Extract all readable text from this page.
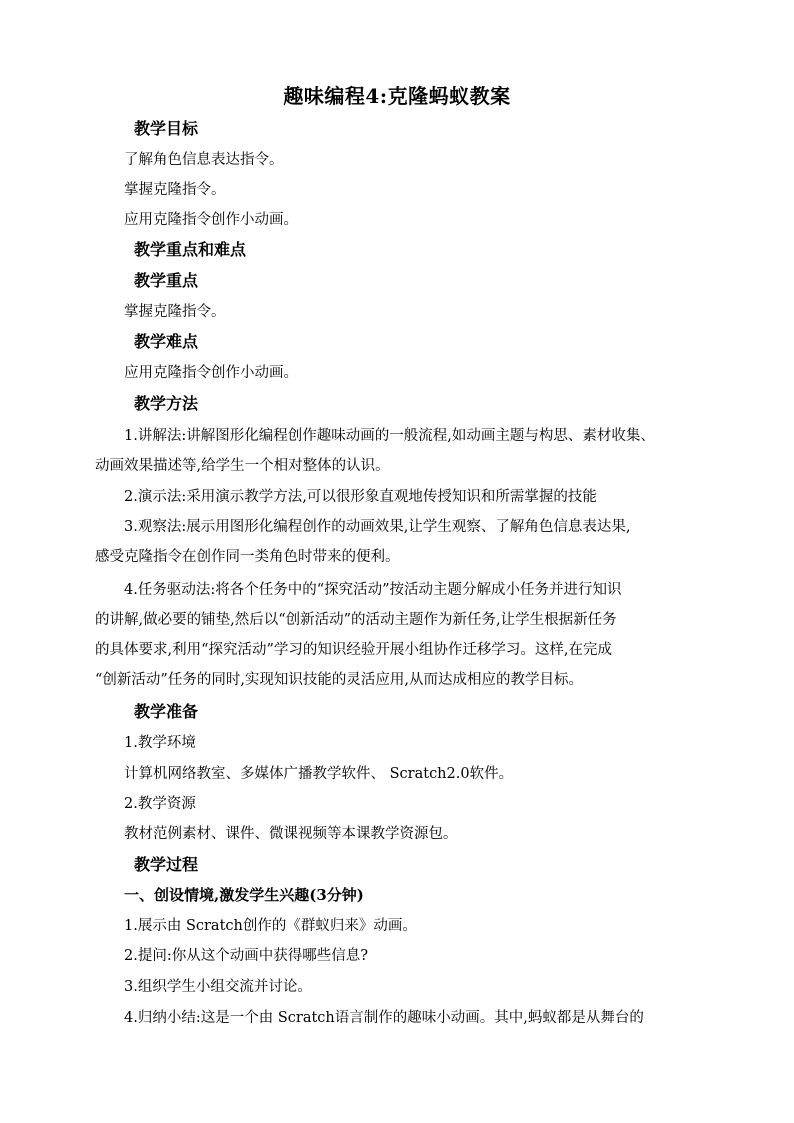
趣味编程4:克隆蚂蚁教案
教学目标
了解角色信息表达指令。
掌握克隆指令。
应用克隆指令创作小动画。
教学重点和难点
教学重点
掌握克隆指令。
教学难点
应用克隆指令创作小动画。
教学方法
1.讲解法:讲解图形化编程创作趣味动画的一般流程,如动画主题与构思、素材收集、
动画效果描述等,给学生一个相对整体的认识。
2.演示法:采用演示教学方法,可以很形象直观地传授知识和所需掌握的技能
3.观察法:展示用图形化编程创作的动画效果,让学生观察、了解角色信息表达果,
感受克隆指令在创作同一类角色时带来的便利。
4.任务驱动法:将各个任务中的“探究活动”按活动主题分解成小任务并进行知识
的讲解,做必要的铺垫,然后以“创新活动”的活动主题作为新任务,让学生根据新任务
的具体要求,利用“探究活动”学习的知识经验开展小组协作迁移学习。这样,在完成
“创新活动”任务的同时,实现知识技能的灵活应用,从而达成相应的教学目标。
教学准备
1.教学环境
计算机网络教室、多媒体广播教学软件、 Scratch2.0软件。
2.教学资源
教材范例素材、课件、微课视频等本课教学资源包。
教学过程
一、创设情境,激发学生兴趣(3分钟)
1.展示由 Scratch创作的《群蚁归来》动画。
2.提问:你从这个动画中获得哪些信息?
3.组织学生小组交流并讨论。
4.归纳小结:这是一个由 Scratch语言制作的趣味小动画。其中,蚂蚁都是从舞台的
